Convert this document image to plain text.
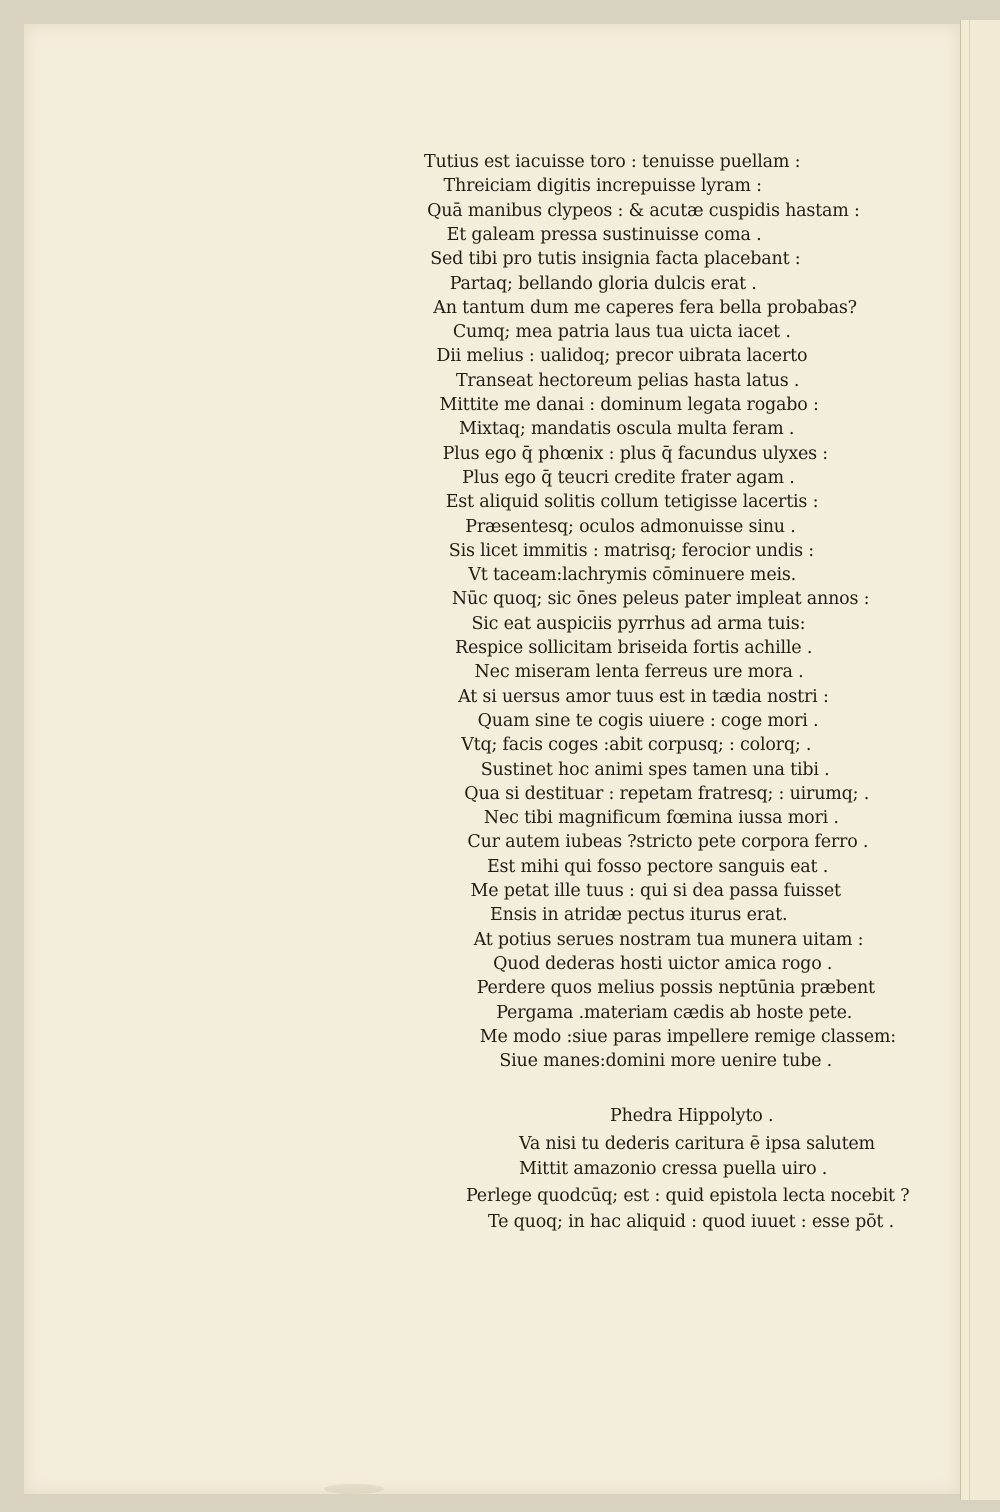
Tutius est iacuisse toro : tenuisse puellam :
Threiciam digitis increpuisse lyram :
Quā manibus clypeos : & acutæ cuspidis hastam :
Et galeam pressa sustinuisse coma .
Sed tibi pro tutis insignia facta placebant :
Partaq; bellando gloria dulcis erat .
An tantum dum me caperes fera bella probabas?
Cumq; mea patria laus tua uicta iacet .
Dii melius : ualidoq; precor uibrata lacerto
Transeat hectoreum pelias hasta latus .
Mittite me danai : dominum legata rogabo :
Mixtaq; mandatis oscula multa feram .
Plus ego q̄ phœnix : plus q̄ facundus ulyxes :
Plus ego q̄ teucri credite frater agam .
Est aliquid solitis collum tetigisse lacertis :
Præsentesq; oculos admonuisse sinu .
Sis licet immitis : matrisq; ferocior undis :
Vt taceam:lachrymis cōminuere meis.
Nūc quoq; sic ōnes peleus pater impleat annos :
Sic eat auspiciis pyrrhus ad arma tuis:
Respice sollicitam briseida fortis achille .
Nec miseram lenta ferreus ure mora .
At si uersus amor tuus est in tædia nostri :
Quam sine te cogis uiuere : coge mori .
Vtq; facis coges :abit corpusq; : colorq; .
Sustinet hoc animi spes tamen una tibi .
Qua si destituar : repetam fratresq; : uirumq; .
Nec tibi magnificum fœmina iussa mori .
Cur autem iubeas ?stricto pete corpora ferro .
Est mihi qui fosso pectore sanguis eat .
Me petat ille tuus : qui si dea passa fuisset
Ensis in atridæ pectus iturus erat.
At potius serues nostram tua munera uitam :
Quod dederas hosti uictor amica rogo .
Perdere quos melius possis neptūnia præbent
Pergama .materiam cædis ab hoste pete.
Me modo :siue paras impellere remige classem:
Siue manes:domini more uenire tube .
Phedra Hippolyto .
Va nisi tu dederis caritura ē ipsa salutem
Mittit amazonio cressa puella uiro .
Perlege quodcūq; est : quid epistola lecta nocebit ?
Te quoq; in hac aliquid : quod iuuet : esse pōt .
